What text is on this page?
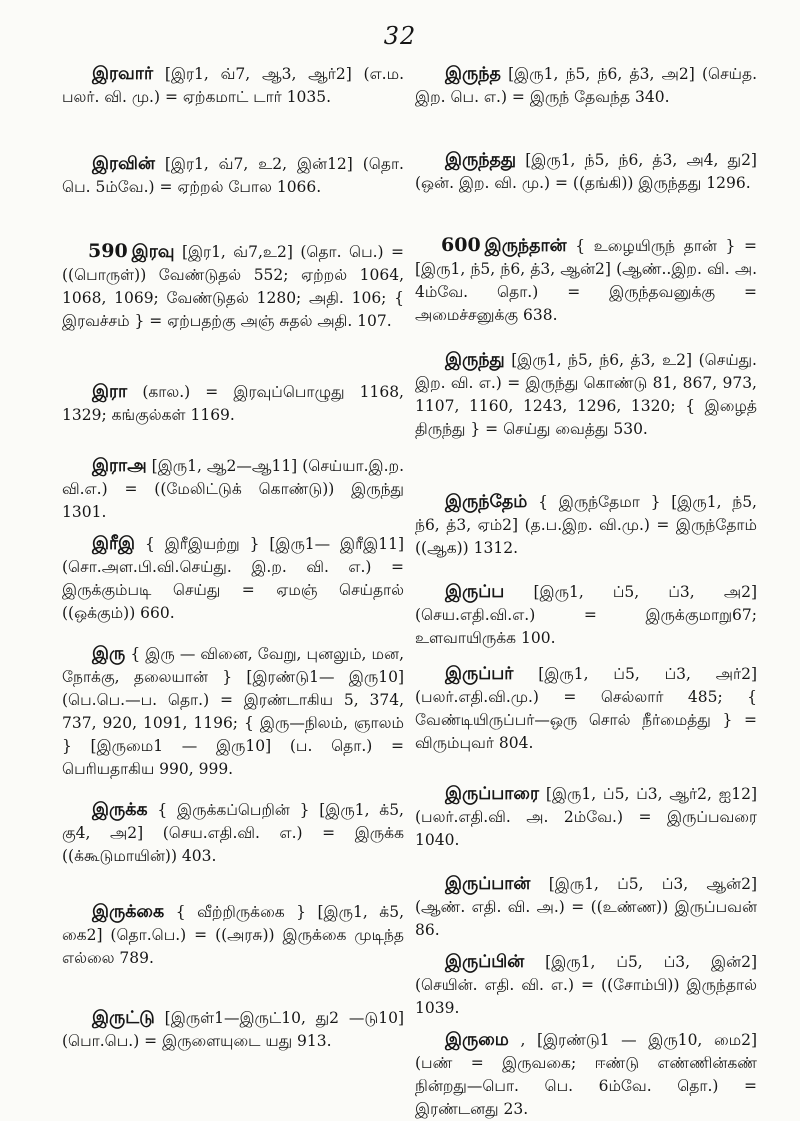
32
இரவார் [இர1, வ்7, ஆ3, ஆர்2] (எ.ம. பலர். வி. மு.) = ஏற்கமாட் டார் 1035.
இரவின் [இர1, வ்7, உ2, இன்12] (தொ. பெ. 5ம்வே.) = ஏற்றல் போல 1066.
590 இரவு [இர1, வ்7,உ2] (தொ. பெ.) = ((பொருள்)) வேண்டுதல் 552; ஏற்றல் 1064, 1068, 1069; வேண்டுதல் 1280; அதி. 106; { இரவச்சம் } = ஏற்பதற்கு அஞ் சுதல் அதி. 107.
இரா (கால.) = இரவுப்பொழுது 1168, 1329; கங்குல்கள் 1169.
இராஅ [இரு1, ஆ2—ஆ11] (செய்யா.இ.ற. வி.எ.) = ((மேலிட்டுக் கொண்டு)) இருந்து 1301.
இரீஇ { இரீஇயற்று } [இரு1— இரீஇ11] (சொ.அள.பி.வி.செய்து. இ.ற. வி. எ.) = இருக்கும்படி செய்து = ஏமஞ் செய்தால் ((ஒக்கும்)) 660.
இரு { இரு — வினை, வேறு, புனலும், மன, நோக்கு, தலையான் } [இரண்டு1— இரு10] (பெ.பெ.—ப. தொ.) = இரண்டாகிய 5, 374, 737, 920, 1091, 1196; { இரு—நிலம், ஞாலம் } [இருமை1 — இரு10] (ப. தொ.) = பெரியதாகிய 990, 999.
இருக்க { இருக்கப்பெறின் } [இரு1, க்5, கு4, அ2] (செய.எதி.வி. எ.) = இருக்க ((க்கூடுமாயின்)) 403.
இருக்கை { வீற்றிருக்கை } [இரு1, க்5, கை2] (தொ.பெ.) = ((அரசு)) இருக்கை முடிந்த எல்லை 789.
இருட்டு [இருள்1—இருட்10, து2 —டு10] (பொ.பெ.) = இருளையுடை யது 913.
இருந்த [இரு1, ந்5, ந்6, த்3, அ2] (செய்த. இற. பெ. எ.) = இருந் தேவந்த 340.
இருந்தது [இரு1, ந்5, ந்6, த்3, அ4, து2] (ஒன். இற. வி. மு.) = ((தங்கி)) இருந்தது 1296.
600 இருந்தான் { உழையிருந் தான் } = [இரு1, ந்5, ந்6, த்3, ஆன்2] (ஆண்..இற. வி. அ. 4ம்வே. தொ.) = இருந்தவனுக்கு = அமைச்சனுக்கு 638.
இருந்து [இரு1, ந்5, ந்6, த்3, உ2] (செய்து. இற. வி. எ.) = இருந்து கொண்டு 81, 867, 973, 1107, 1160, 1243, 1296, 1320; { இழைத் திருந்து } = செய்து வைத்து 530.
இருந்தேம் { இருந்தேமா } [இரு1, ந்5, ந்6, த்3, ஏம்2] (த.ப.இற. வி.மு.) = இருந்தோம் ((ஆக)) 1312.
இருப்ப [இரு1, ப்5, ப்3, அ2] (செய.எதி.வி.எ.) = இருக்குமாறு67; உளவாயிருக்க 100.
இருப்பர் [இரு1, ப்5, ப்3, அர்2] (பலர்.எதி.வி.மு.) = செல்லார் 485; { வேண்டியிருப்பர்—ஒரு சொல் நீர்மைத்து } = விரும்புவர் 804.
இருப்பாரை [இரு1, ப்5, ப்3, ஆர்2, ஐ12] (பலர்.எதி.வி. அ. 2ம்வே.) = இருப்பவரை 1040.
இருப்பான் [இரு1, ப்5, ப்3, ஆன்2] (ஆண். எதி. வி. அ.) = ((உண்ண)) இருப்பவன் 86.
இருப்பின் [இரு1, ப்5, ப்3, இன்2] (செயின். எதி. வி. எ.) = ((சோம்பி)) இருந்தால் 1039.
இருமை , [இரண்டு1 — இரு10, மை2] (பண் = இருவகை; ஈண்டு எண்ணின்கண் நின்றது—பொ. பெ. 6ம்வே. தொ.) = இரண்டனது 23.
